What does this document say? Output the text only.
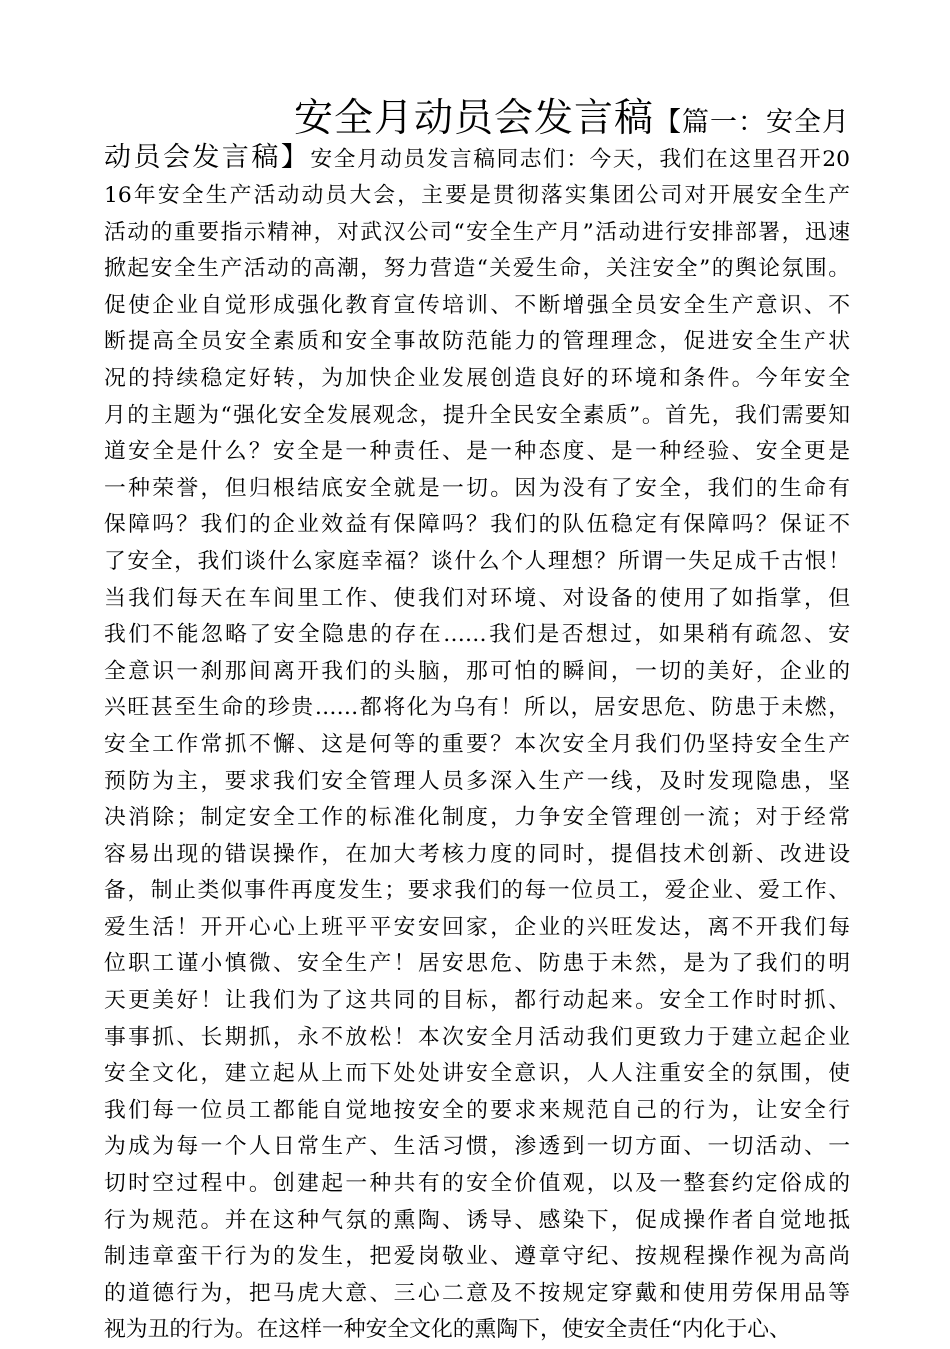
安全月动员会发言稿【篇一：安全月
动员会发言稿】安全月动员发言稿同志们：今天，我们在这里召开20
16年安全生产活动动员大会，主要是贯彻落实集团公司对开展安全生产
活动的重要指示精神，对武汉公司“安全生产月”活动进行安排部署，迅速
掀起安全生产活动的高潮，努力营造“关爱生命，关注安全”的舆论氛围。
促使企业自觉形成强化教育宣传培训、不断增强全员安全生产意识、不
断提高全员安全素质和安全事故防范能力的管理理念，促进安全生产状
况的持续稳定好转，为加快企业发展创造良好的环境和条件。今年安全
月的主题为“强化安全发展观念，提升全民安全素质”。首先，我们需要知
道安全是什么？安全是一种责任、是一种态度、是一种经验、安全更是
一种荣誉，但归根结底安全就是一切。因为没有了安全，我们的生命有
保障吗？我们的企业效益有保障吗？我们的队伍稳定有保障吗？保证不
了安全，我们谈什么家庭幸福？谈什么个人理想？所谓一失足成千古恨！
当我们每天在车间里工作、使我们对环境、对设备的使用了如指掌，但
我们不能忽略了安全隐患的存在……我们是否想过，如果稍有疏忽、安
全意识一刹那间离开我们的头脑，那可怕的瞬间，一切的美好，企业的
兴旺甚至生命的珍贵……都将化为乌有！所以，居安思危、防患于未燃，
安全工作常抓不懈、这是何等的重要？本次安全月我们仍坚持安全生产
预防为主，要求我们安全管理人员多深入生产一线，及时发现隐患，坚
决消除；制定安全工作的标准化制度，力争安全管理创一流；对于经常
容易出现的错误操作，在加大考核力度的同时，提倡技术创新、改进设
备，制止类似事件再度发生；要求我们的每一位员工，爱企业、爱工作、
爱生活！开开心心上班平平安安回家，企业的兴旺发达，离不开我们每
位职工谨小慎微、安全生产！居安思危、防患于未然，是为了我们的明
天更美好！让我们为了这共同的目标，都行动起来。安全工作时时抓、
事事抓、长期抓，永不放松！本次安全月活动我们更致力于建立起企业
安全文化，建立起从上而下处处讲安全意识，人人注重安全的氛围，使
我们每一位员工都能自觉地按安全的要求来规范自己的行为，让安全行
为成为每一个人日常生产、生活习惯，渗透到一切方面、一切活动、一
切时空过程中。创建起一种共有的安全价值观，以及一整套约定俗成的
行为规范。并在这种气氛的熏陶、诱导、感染下，促成操作者自觉地抵
制违章蛮干行为的发生，把爱岗敬业、遵章守纪、按规程操作视为高尚
的道德行为，把马虎大意、三心二意及不按规定穿戴和使用劳保用品等
视为丑的行为。在这样一种安全文化的熏陶下，使安全责任“内化于心、
